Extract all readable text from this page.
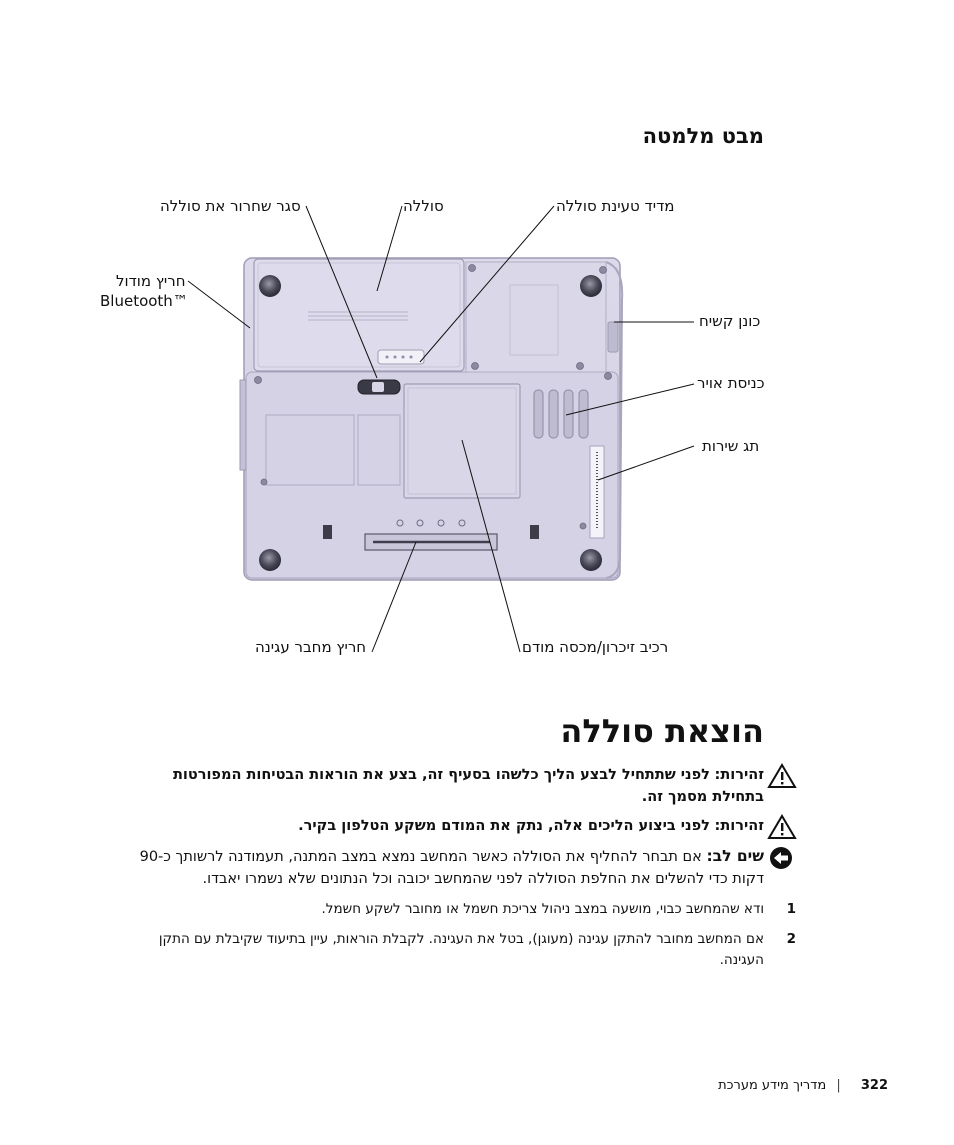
מבט מלמטה
סגר שחרור את סוללה	סוללה	מדיד טעינת סוללה
חריץ מודול
Bluetooth™
כונן קשיח
כניסת אויר
תג שירות
חריץ מחבר עגינה	רכיב זיכרון/מכסה מודם
הוצאת סוללה
זהירות: לפני שתתחיל לבצע הליך כלשהו בסעיף זה, בצע את הוראות הבטיחות המפורטות בתחילת מסמך זה.
זהירות: לפני ביצוע הליכים אלה, נתק את המודם משקע הטלפון בקיר.
שים לב: אם תבחר להחליף את הסוללה כאשר המחשב נמצא במצב המתנה, תעמודנה לרשותך כ-90 דקות כדי להשלים את החלפת הסוללה לפני שהמחשב יכובה וכל הנתונים שלא נשמרו יאבדו.
1
ודא שהמחשב כבוי, מושעה במצב ניהול צריכת חשמל או מחובר לשקע חשמל.
2
אם המחשב מחובר להתקן עגינה (מעוגן), בטל את העגינה. לקבלת הוראות, עיין בתיעוד שקיבלת עם התקן העגינה.
322 | מדריך מידע מערכת
